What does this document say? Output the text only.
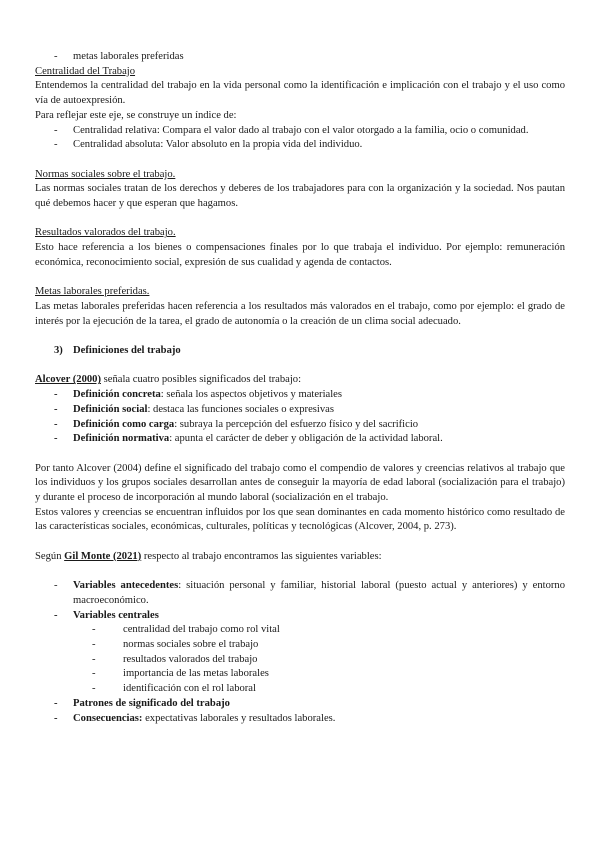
- metas laborales preferidas

Centralidad del Trabajo

Entendemos la centralidad del trabajo en la vida personal como la identificación e implicación con el trabajo y el uso como vía de autoexpresión.

Para reflejar este eje, se construye un índice de:

- Centralidad relativa: Compara el valor dado al trabajo con el valor otorgado a la familia, ocio o comunidad.
- Centralidad absoluta: Valor absoluto en la propia vida del individuo.

Normas sociales sobre el trabajo.

Las normas sociales tratan de los derechos y deberes de los trabajadores para con la organización y la sociedad. Nos pautan qué debemos hacer y que esperan que hagamos.

Resultados valorados del trabajo.

Esto hace referencia a los bienes o compensaciones finales por lo que trabaja el individuo. Por ejemplo: remuneración económica, reconocimiento social, expresión de sus cualidad y agenda de contactos.

Metas laborales preferidas.

Las metas laborales preferidas hacen referencia a los resultados más valorados en el trabajo, como por ejemplo: el grado de interés por la ejecución de la tarea, el grado de autonomía o la creación de un clima social adecuado.

3) Definiciones del trabajo

Alcover (2000) señala cuatro posibles significados del trabajo:

- Definición concreta: señala los aspectos objetivos y materiales
- Definición social: destaca las funciones sociales o expresivas
- Definición como carga: subraya la percepción del esfuerzo físico y del sacrificio
- Definición normativa: apunta el carácter de deber y obligación de la actividad laboral.

Por tanto Alcover (2004) define el significado del trabajo como el compendio de valores y creencias relativos al trabajo que los individuos y los grupos sociales desarrollan antes de conseguir la mayoría de edad laboral (socialización para el trabajo) y durante el proceso de incorporación al mundo laboral (socialización en el trabajo.

Estos valores y creencias se encuentran influidos por los que sean dominantes en cada momento histórico como resultado de las características sociales, económicas, culturales, políticas y tecnológicas (Alcover, 2004, p. 273).

Según Gil Monte (2021) respecto al trabajo encontramos las siguientes variables:

- Variables antecedentes: situación personal y familiar, historial laboral (puesto actual y anteriores) y entorno macroeconómico.
- Variables centrales
-	centralidad del trabajo como rol vital
-	normas sociales sobre el trabajo
-	resultados valorados del trabajo
-	importancia de las metas laborales
-	identificación con el rol laboral
- Patrones de significado del trabajo
- Consecuencias: expectativas laborales y resultados laborales.
